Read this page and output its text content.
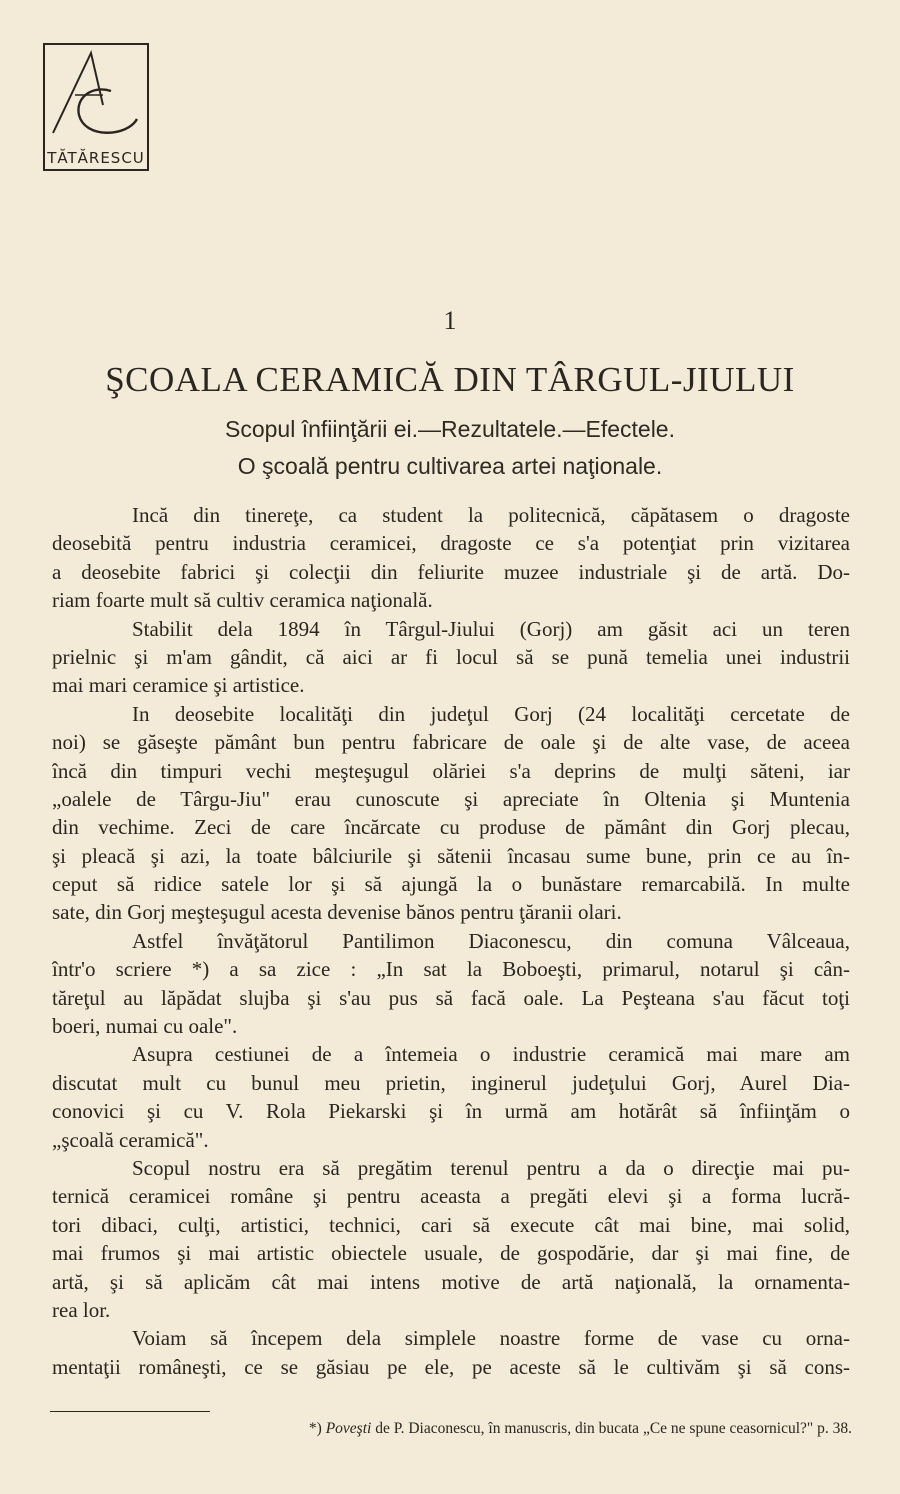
TĂTĂRESCU
1
ŞCOALA CERAMICĂ DIN TÂRGUL-JIULUI
Scopul înfiinţării ei.—Rezultatele.—Efectele.
O şcoală pentru cultivarea artei naţionale.
Incă din tinereţe, ca student la politecnică, căpătasem o dragoste
deosebită pentru industria ceramicei, dragoste ce s'a potenţiat prin vizitarea
a deosebite fabrici şi colecţii din feliurite muzee industriale şi de artă. Do-
riam foarte mult să cultiv ceramica naţională.
Stabilit dela 1894 în Târgul-Jiului (Gorj) am găsit aci un teren
prielnic şi m'am gândit, că aici ar fi locul să se pună temelia unei industrii
mai mari ceramice şi artistice.
In deosebite localităţi din judeţul Gorj (24 localităţi cercetate de
noi) se găseşte pământ bun pentru fabricare de oale şi de alte vase, de aceea
încă din timpuri vechi meşteşugul olăriei s'a deprins de mulţi săteni, iar
„oalele de Târgu-Jiu" erau cunoscute şi apreciate în Oltenia şi Muntenia
din vechime. Zeci de care încărcate cu produse de pământ din Gorj plecau,
şi pleacă şi azi, la toate bâlciurile şi sătenii încasau sume bune, prin ce au în-
ceput să ridice satele lor şi să ajungă la o bunăstare remarcabilă. In multe
sate, din Gorj meşteşugul acesta devenise bănos pentru ţăranii olari.
Astfel învăţătorul Pantilimon Diaconescu, din comuna Vâlceaua,
într'o scriere *) a sa zice : „In sat la Boboeşti, primarul, notarul şi cân-
tăreţul au lăpădat slujba şi s'au pus să facă oale. La Peşteana s'au făcut toţi
boeri, numai cu oale".
Asupra cestiunei de a întemeia o industrie ceramică mai mare am
discutat mult cu bunul meu prietin, inginerul judeţului Gorj, Aurel Dia-
conovici şi cu V. Rola Piekarski şi în urmă am hotărât să înfiinţăm o
„şcoală ceramică".
Scopul nostru era să pregătim terenul pentru a da o direcţie mai pu-
ternică ceramicei române şi pentru aceasta a pregăti elevi şi a forma lucră-
tori dibaci, culţi, artistici, technici, cari să execute cât mai bine, mai solid,
mai frumos şi mai artistic obiectele usuale, de gospodărie, dar şi mai fine, de
artă, şi să aplicăm cât mai intens motive de artă naţională, la ornamenta-
rea lor.
Voiam să începem dela simplele noastre forme de vase cu orna-
mentaţii româneşti, ce se găsiau pe ele, pe aceste să le cultivăm şi să cons-
*) Poveşti de P. Diaconescu, în manuscris, din bucata „Ce ne spune ceasornicul?" p. 38.
